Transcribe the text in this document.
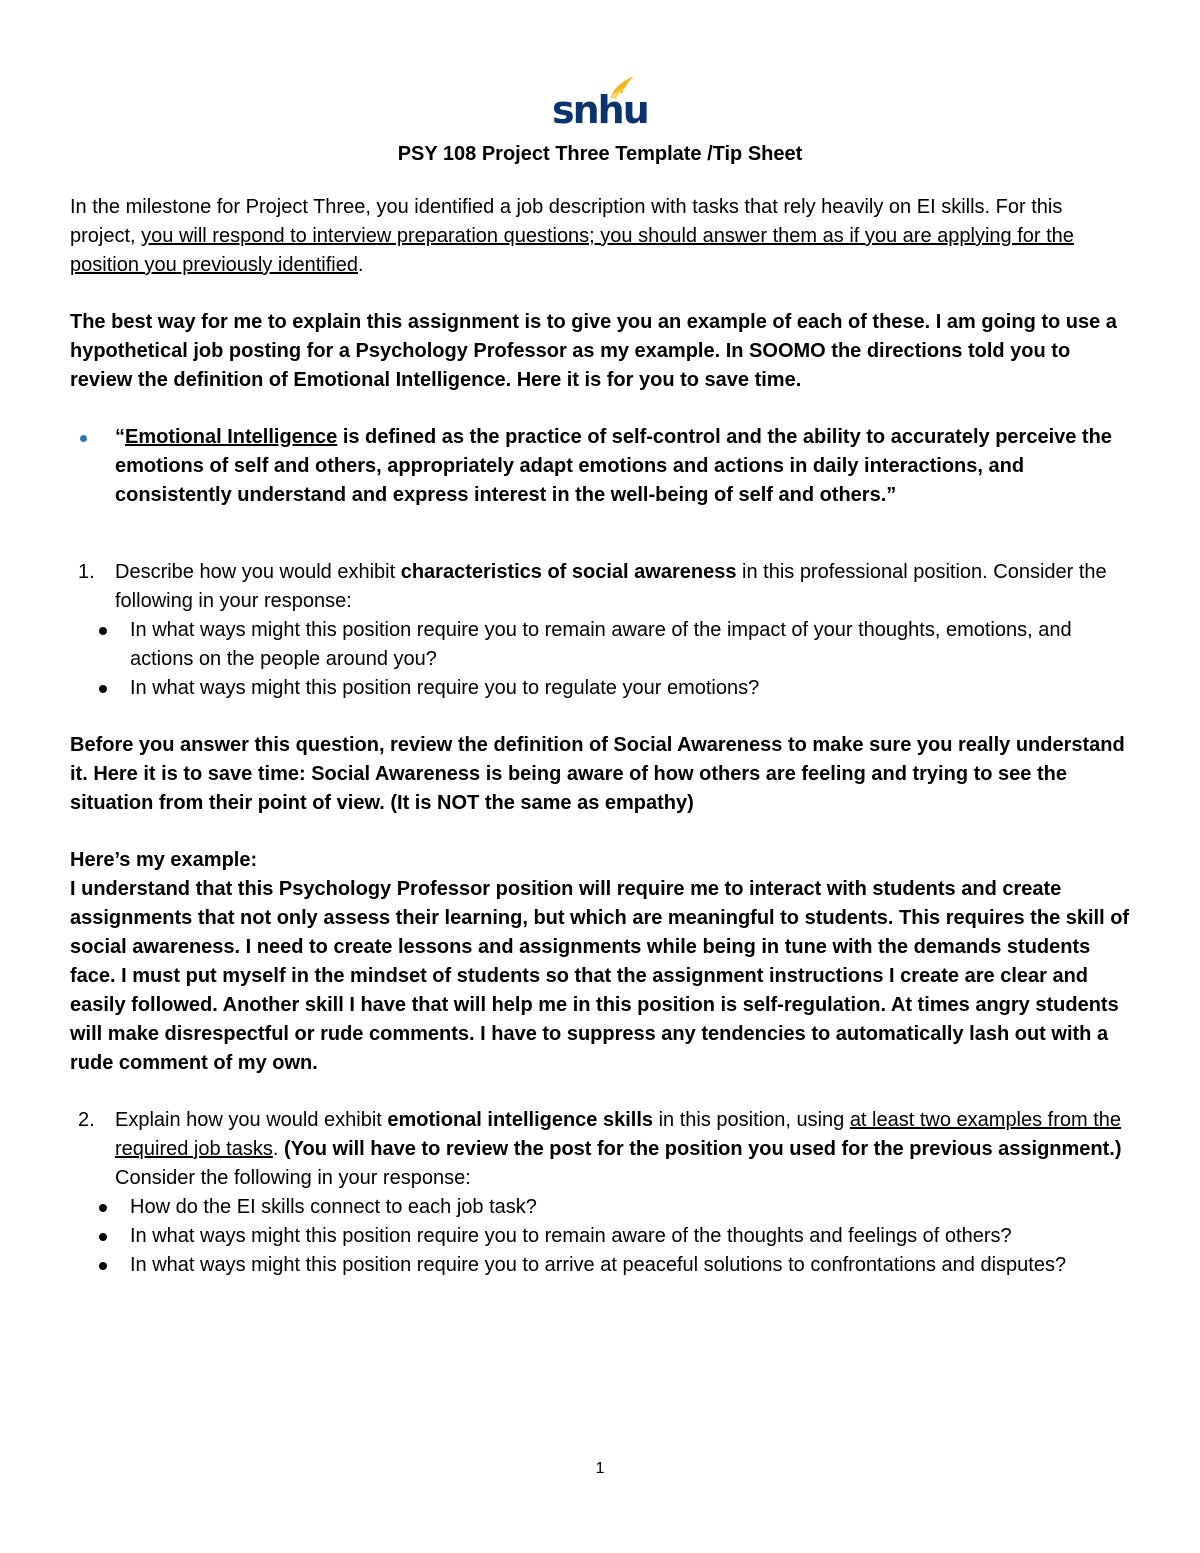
snhu

PSY 108 Project Three Template /Tip Sheet

In the milestone for Project Three, you identified a job description with tasks that rely heavily on EI skills. For this project, you will respond to interview preparation questions; you should answer them as if you are applying for the position you previously identified.

The best way for me to explain this assignment is to give you an example of each of these. I am going to use a hypothetical job posting for a Psychology Professor as my example. In SOOMO the directions told you to review the definition of Emotional Intelligence. Here it is for you to save time.

“Emotional Intelligence is defined as the practice of self-control and the ability to accurately perceive the emotions of self and others, appropriately adapt emotions and actions in daily interactions, and consistently understand and express interest in the well-being of self and others.”
1. Describe how you would exhibit characteristics of social awareness in this professional position. Consider the following in your response:
In what ways might this position require you to remain aware of the impact of your thoughts, emotions, and actions on the people around you?
In what ways might this position require you to regulate your emotions?

Before you answer this question, review the definition of Social Awareness to make sure you really understand it. Here it is to save time: Social Awareness is being aware of how others are feeling and trying to see the situation from their point of view. (It is NOT the same as empathy)

Here’s my example:

I understand that this Psychology Professor position will require me to interact with students and create assignments that not only assess their learning, but which are meaningful to students. This requires the skill of social awareness. I need to create lessons and assignments while being in tune with the demands students face. I must put myself in the mindset of students so that the assignment instructions I create are clear and easily followed. Another skill I have that will help me in this position is self-regulation. At times angry students will make disrespectful or rude comments. I have to suppress any tendencies to automatically lash out with a rude comment of my own.

2. Explain how you would exhibit emotional intelligence skills in this position, using at least two examples from the required job tasks. (You will have to review the post for the position you used for the previous assignment.) Consider the following in your response:
How do the EI skills connect to each job task?
In what ways might this position require you to remain aware of the thoughts and feelings of others?
In what ways might this position require you to arrive at peaceful solutions to confrontations and disputes?
1
